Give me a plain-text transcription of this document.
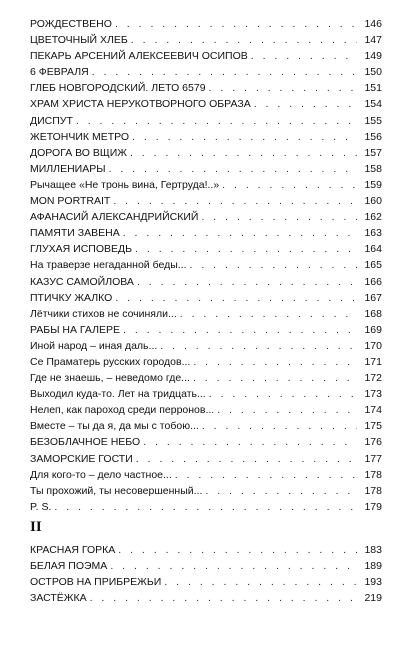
РОЖДЕСТВЕНО . . .	146
ЦВЕТОЧНЫЙ ХЛЕБ . . .	147
ПЕКАРЬ АРСЕНИЙ АЛЕКСЕЕВИЧ ОСИПОВ . . .	149
6 ФЕВРАЛЯ . . .	150
ГЛЕБ НОВГОРОДСКИЙ. ЛЕТО 6579 . . .	151
ХРАМ ХРИСТА НЕРУКОТВОРНОГО ОБРАЗА . . .	154
ДИСПУТ . . .	155
ЖЕТОНЧИК МЕТРО . . .	156
ДОРОГА ВО ВЩИЖ . . .	157
МИЛЛЕНИАРЫ . . .	158
Рычащее «Не тронь вина, Гертруда!..» . . .	159
MON PORTRAIT . . .	160
АФАНАСИЙ АЛЕКСАНДРИЙСКИЙ . . .	162
ПАМЯТИ ЗАВЕНА . . .	163
ГЛУХАЯ ИСПОВЕДЬ . . .	164
На траверзе негаданной беды... . . .	165
КАЗУС САМОЙЛОВА . . .	166
ПТИЧКУ ЖАЛКО . . .	167
Лётчики стихов не сочиняли... . . .	168
РАБЫ НА ГАЛЕРЕ . . .	169
Иной народ – иная даль... . . .	170
Се Праматерь русских городов... . . .	171
Где не знаешь, – неведомо где... . . .	172
Выходил куда-то. Лет на тридцать... . . .	173
Нелеп, как пароход среди перронов... . . .	174
Вместе – ты да я, да мы с тобою... . . .	175
БЕЗОБЛАЧНОЕ НЕБО . . .	176
ЗАМОРСКИЕ ГОСТИ . . .	177
Для кого-то – дело частное... . . .	178
Ты прохожий, ты несовершенный... . . .	178
P. S. . . .	179
II
КРАСНАЯ ГОРКА . . .	183
БЕЛАЯ ПОЭМА . . .	189
ОСТРОВ НА ПРИБРЕЖЬИ . . .	193
ЗАСТЁЖКА . . .	219
